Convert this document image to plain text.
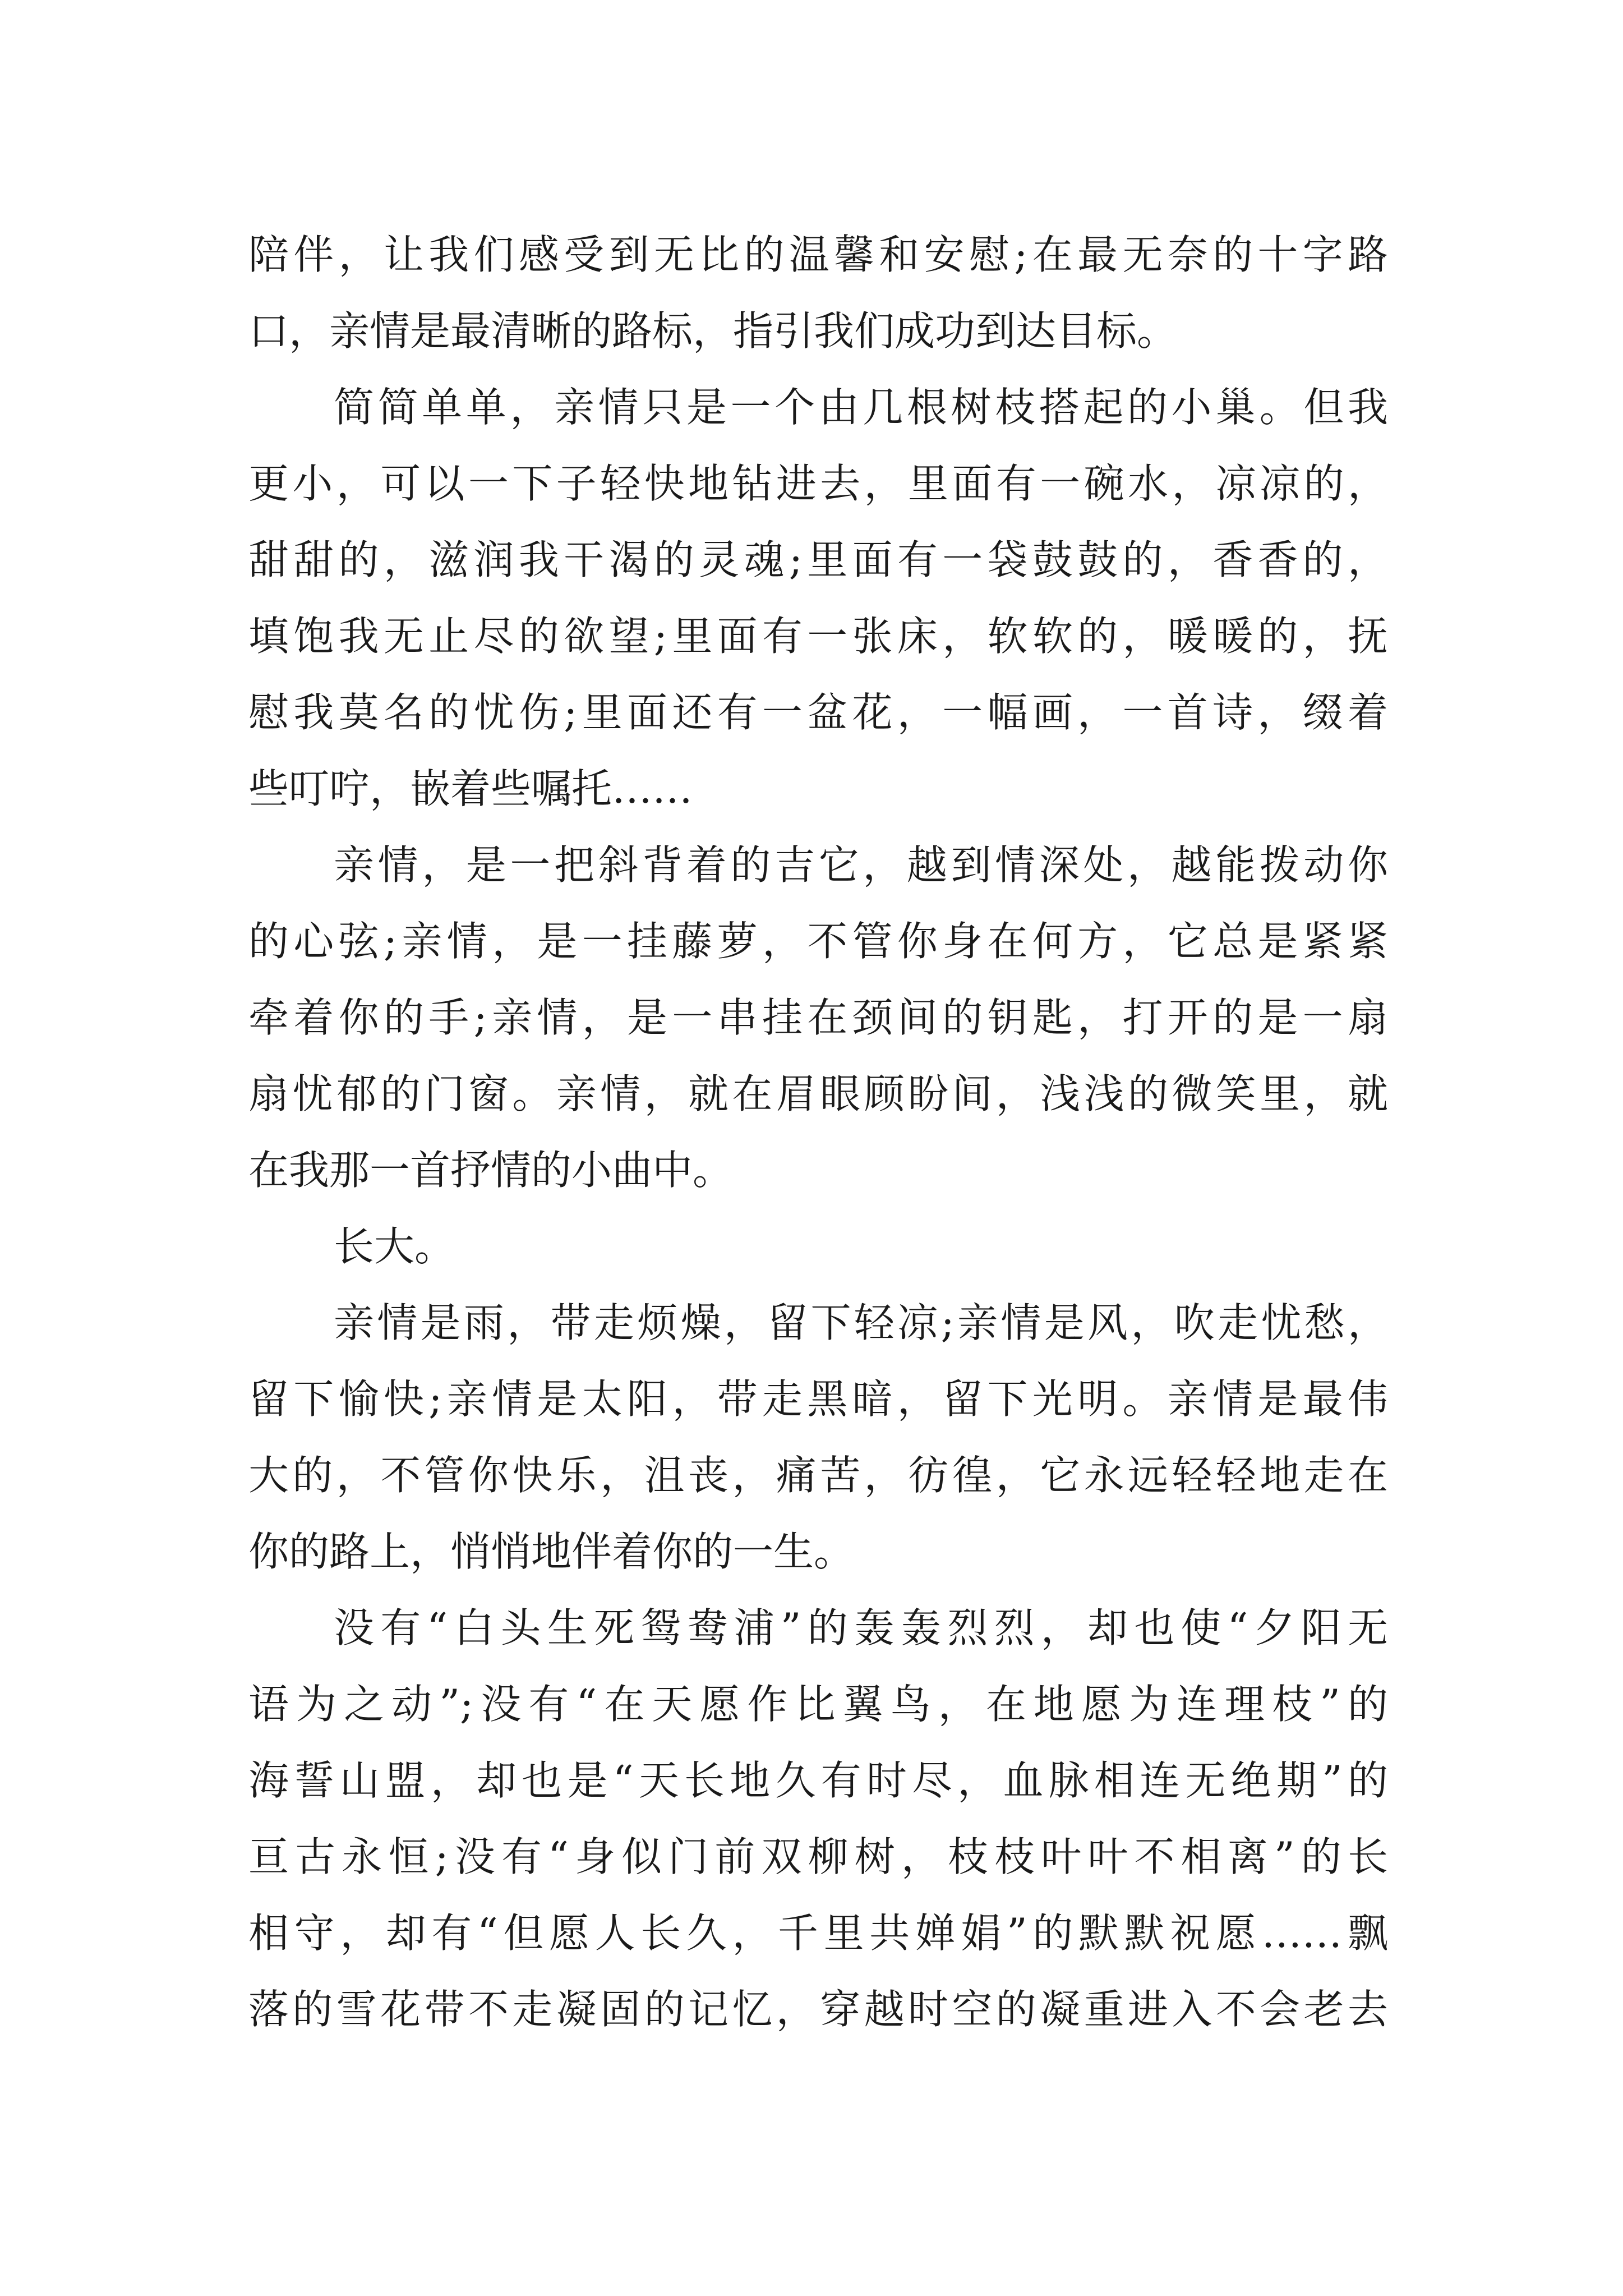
陪伴，让我们感受到无比的温馨和安慰;在最无奈的十字路
口，亲情是最清晰的路标，指引我们成功到达目标。
简简单单，亲情只是一个由几根树枝搭起的小巢。但我
更小，可以一下子轻快地钻进去，里面有一碗水，凉凉的，
甜甜的，滋润我干渴的灵魂;里面有一袋鼓鼓的，香香的，
填饱我无止尽的欲望;里面有一张床，软软的，暖暖的，抚
慰我莫名的忧伤;里面还有一盆花，一幅画，一首诗，缀着
些叮咛，嵌着些嘱托……
亲情，是一把斜背着的吉它，越到情深处，越能拨动你
的心弦;亲情，是一挂藤萝，不管你身在何方，它总是紧紧
牵着你的手;亲情，是一串挂在颈间的钥匙，打开的是一扇
扇忧郁的门窗。亲情，就在眉眼顾盼间，浅浅的微笑里，就
在我那一首抒情的小曲中。
长大。
亲情是雨，带走烦燥，留下轻凉;亲情是风，吹走忧愁，
留下愉快;亲情是太阳，带走黑暗，留下光明。亲情是最伟
大的，不管你快乐，沮丧，痛苦，彷徨，它永远轻轻地走在
你的路上，悄悄地伴着你的一生。
没有“白头生死鸳鸯浦”的轰轰烈烈，却也使“夕阳无
语为之动”;没有“在天愿作比翼鸟，在地愿为连理枝”的
海誓山盟，却也是“天长地久有时尽，血脉相连无绝期”的
亘古永恒;没有“身似门前双柳树，枝枝叶叶不相离”的长
相守，却有“但愿人长久，千里共婵娟”的默默祝愿……飘
落的雪花带不走凝固的记忆，穿越时空的凝重进入不会老去
